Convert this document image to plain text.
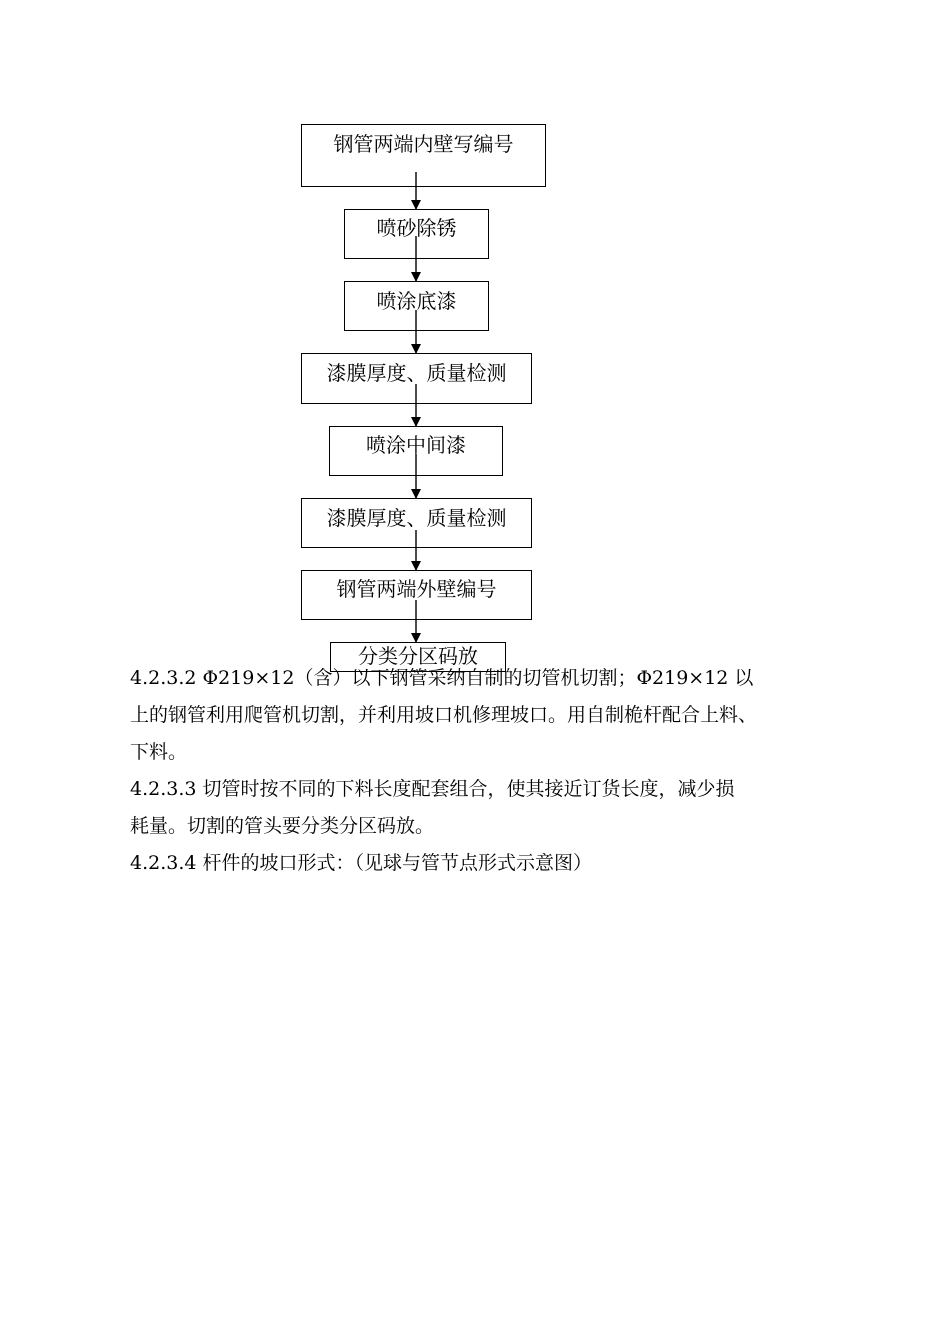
钢管两端内壁写编号
喷砂除锈
喷涂底漆
漆膜厚度、质量检测
喷涂中间漆
漆膜厚度、质量检测
钢管两端外壁编号
分类分区码放

4.2.3.2 Φ219×12（含）以下钢管采纳自制的切管机切割；Φ219×12 以

上的钢管利用爬管机切割，并利用坡口机修理坡口。用自制桅杆配合上料、

下料。

4.2.3.3 切管时按不同的下料长度配套组合，使其接近订货长度，减少损

耗量。切割的管头要分类分区码放。

4.2.3.4 杆件的坡口形式：（见球与管节点形式示意图）
